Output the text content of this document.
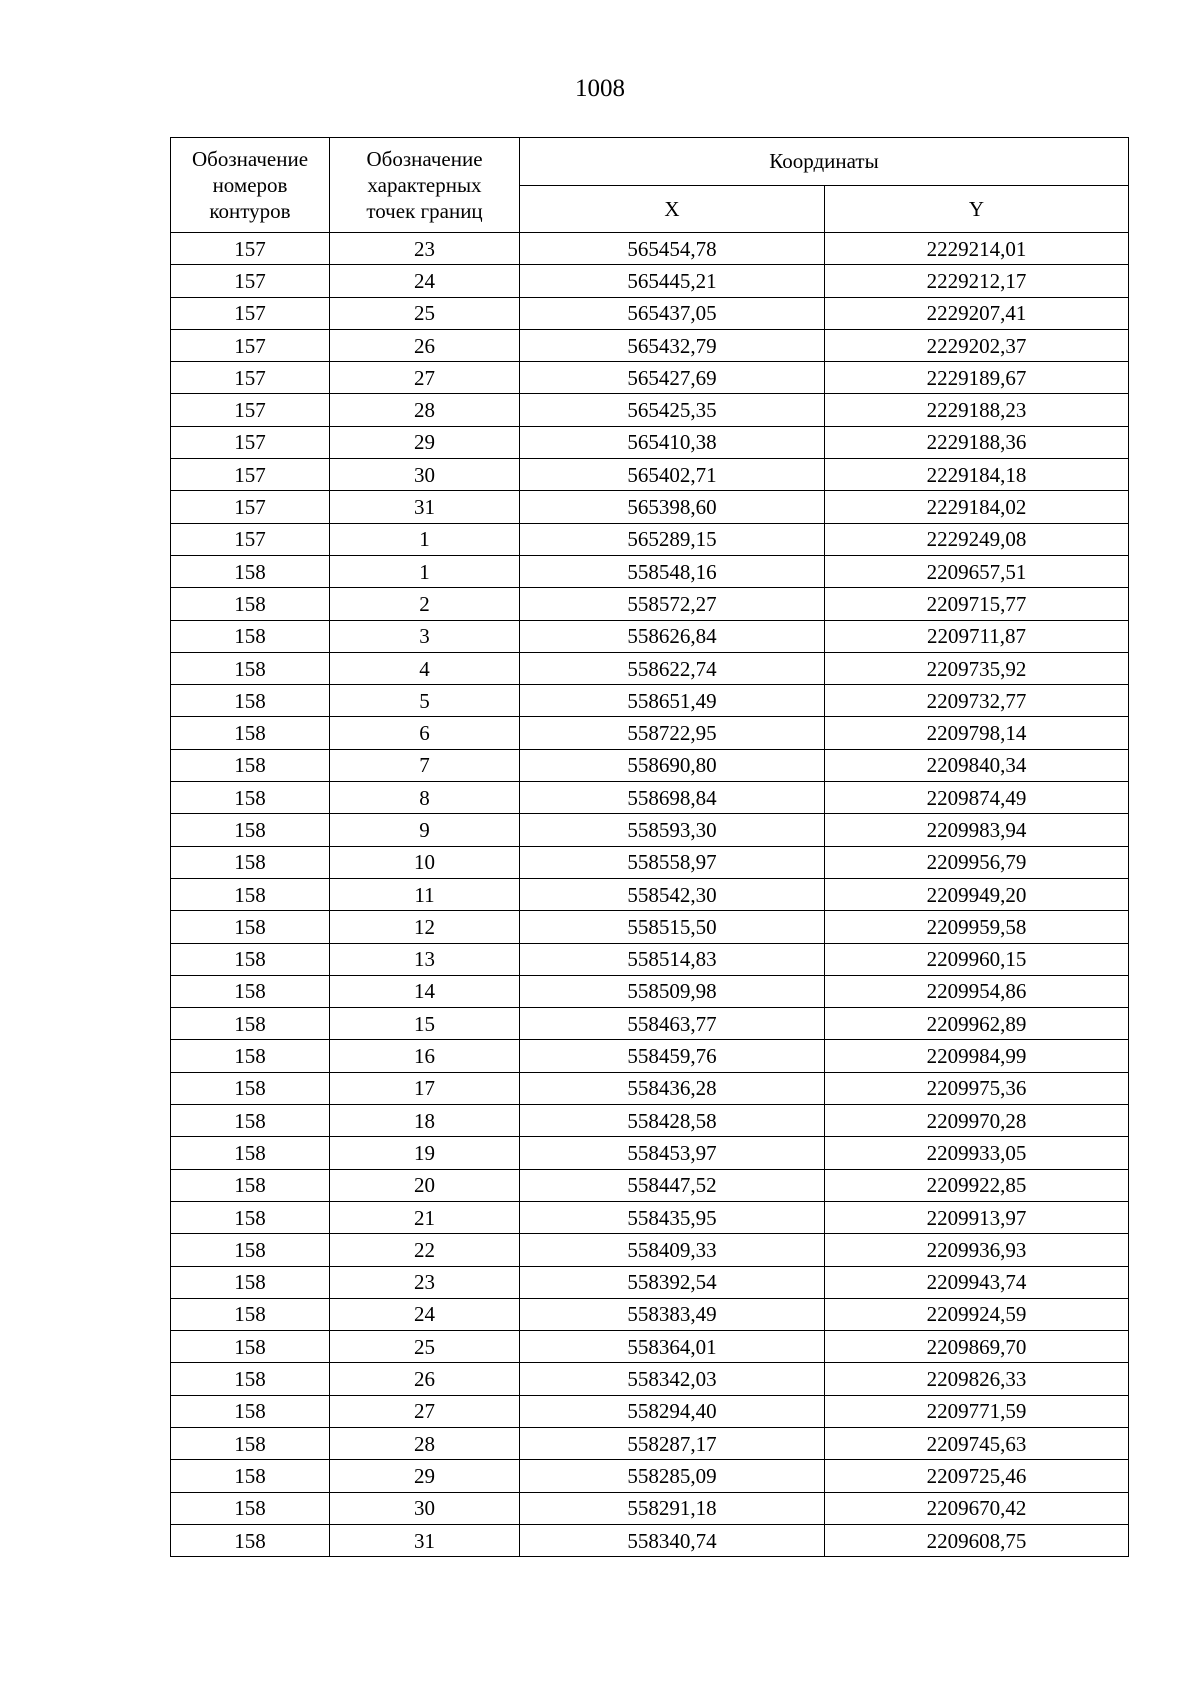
1008
Обозначение
номеров
контуров	Обозначение
характерных
точек границ	Координаты	
		X	Y
157	23	565454,78	2229214,01
157	24	565445,21	2229212,17
157	25	565437,05	2229207,41
157	26	565432,79	2229202,37
157	27	565427,69	2229189,67
157	28	565425,35	2229188,23
157	29	565410,38	2229188,36
157	30	565402,71	2229184,18
157	31	565398,60	2229184,02
157	1	565289,15	2229249,08
158	1	558548,16	2209657,51
158	2	558572,27	2209715,77
158	3	558626,84	2209711,87
158	4	558622,74	2209735,92
158	5	558651,49	2209732,77
158	6	558722,95	2209798,14
158	7	558690,80	2209840,34
158	8	558698,84	2209874,49
158	9	558593,30	2209983,94
158	10	558558,97	2209956,79
158	11	558542,30	2209949,20
158	12	558515,50	2209959,58
158	13	558514,83	2209960,15
158	14	558509,98	2209954,86
158	15	558463,77	2209962,89
158	16	558459,76	2209984,99
158	17	558436,28	2209975,36
158	18	558428,58	2209970,28
158	19	558453,97	2209933,05
158	20	558447,52	2209922,85
158	21	558435,95	2209913,97
158	22	558409,33	2209936,93
158	23	558392,54	2209943,74
158	24	558383,49	2209924,59
158	25	558364,01	2209869,70
158	26	558342,03	2209826,33
158	27	558294,40	2209771,59
158	28	558287,17	2209745,63
158	29	558285,09	2209725,46
158	30	558291,18	2209670,42
158	31	558340,74	2209608,75
